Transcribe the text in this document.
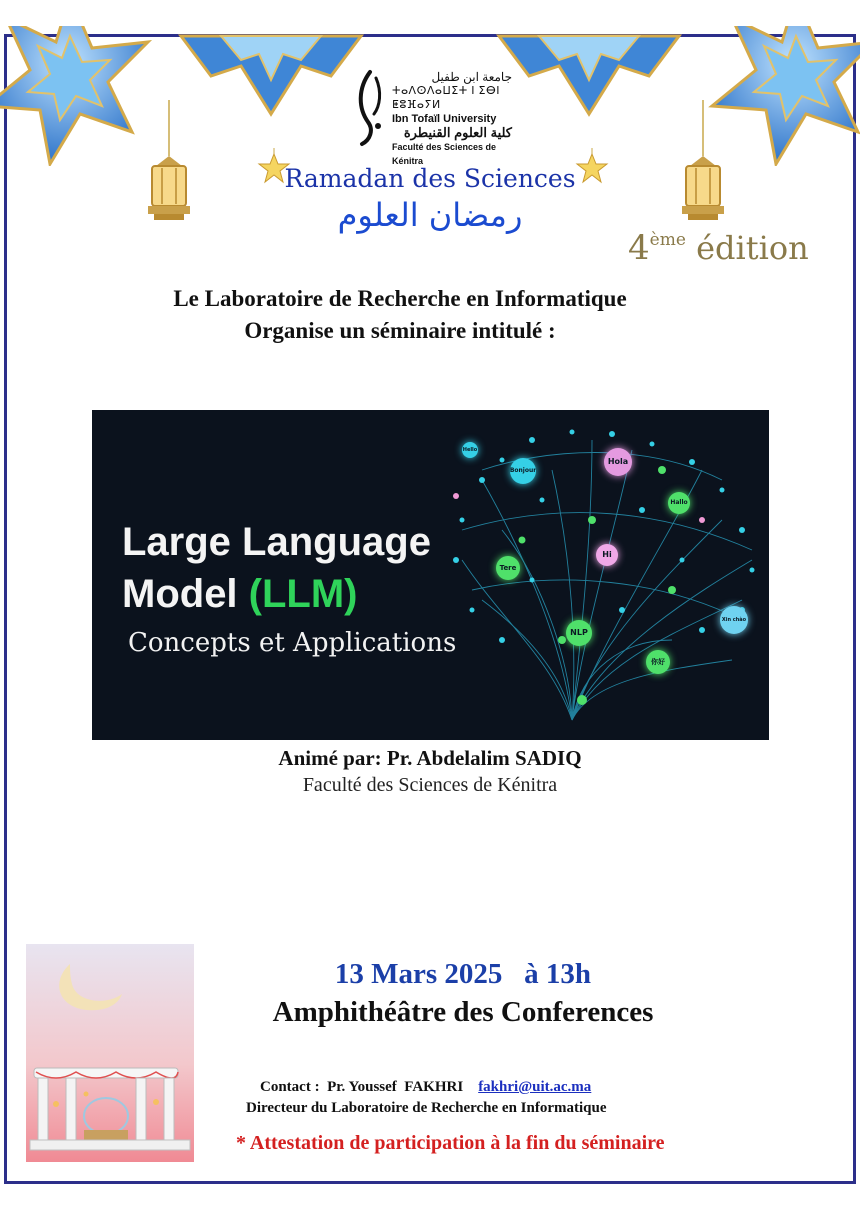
جامعة ابن طفيل
ⵜⴰⴷⵙⴷⴰⵡⵉⵜ ⵏ ⵉⴱⵏ ⵟⵓⴼⴰⵢⵍ
Ibn Tofaïl University
كلية العلوم القنيطرة
Faculté des Sciences de Kénitra
Ramadan des Sciences
رمضان العلوم
4ème édition
Le Laboratoire de Recherche en Informatique
Organise un séminaire intitulé :
Large Language
Model (LLM)
Concepts et Applications
Hello
Bonjour
Hola
Hallo
Hi
Tere
NLP
Xin chào
你好
Animé par: Pr. Abdelalim SADIQ
Faculté des Sciences de Kénitra
13 Mars 2025   à 13h
Amphithéâtre des Conferences
Contact :  Pr. Youssef  FAKHRI fakhri@uit.ac.ma
Directeur du Laboratoire de Recherche en Informatique
* Attestation de participation à la fin du séminaire
